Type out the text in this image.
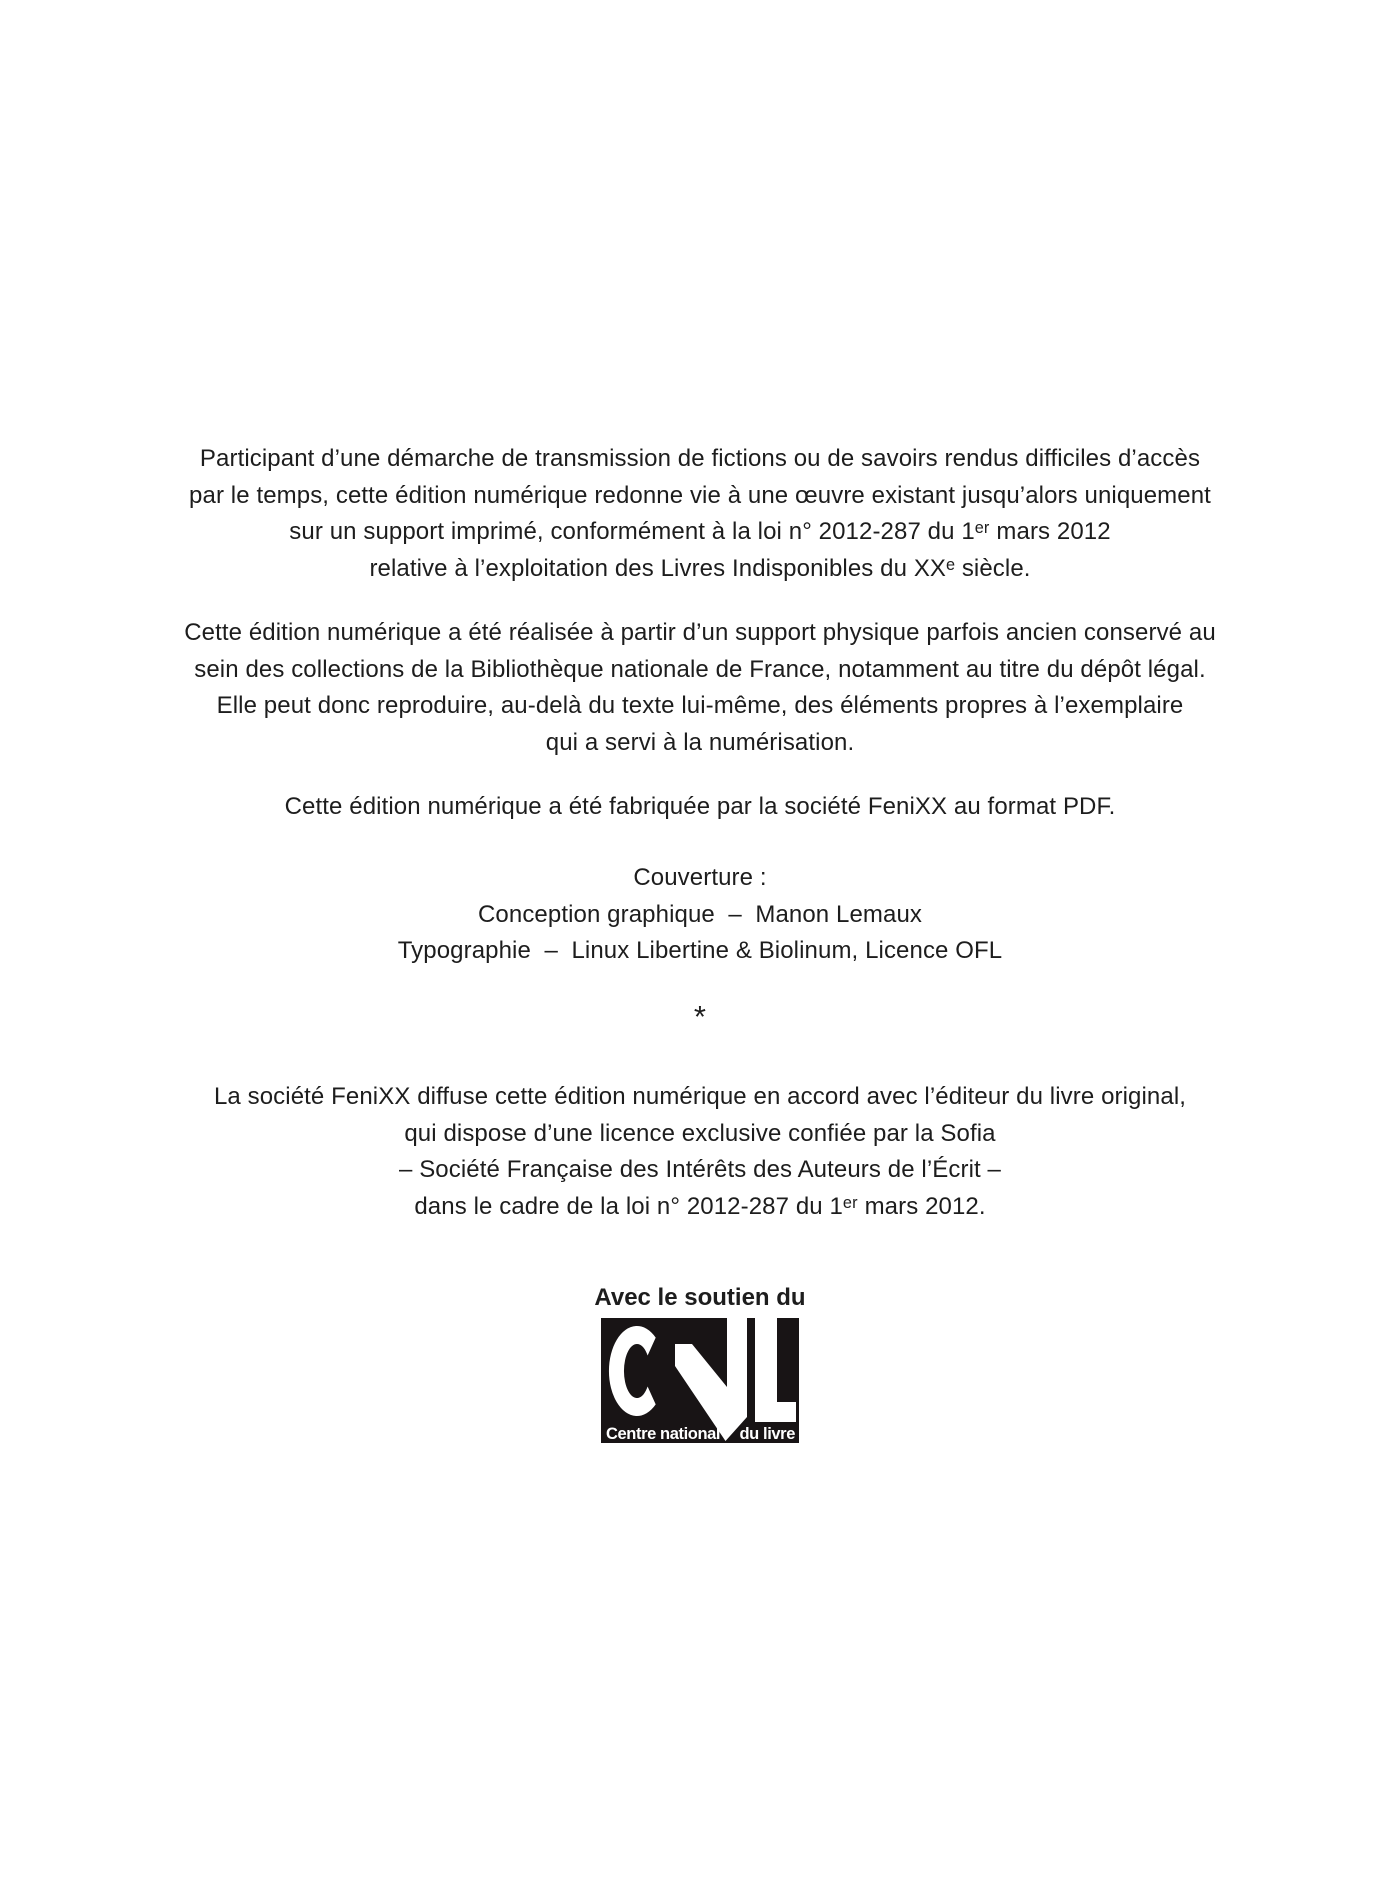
Participant d’une démarche de transmission de fictions ou de savoirs rendus difficiles d’accès
par le temps, cette édition numérique redonne vie à une œuvre existant jusqu’alors uniquement
sur un support imprimé, conformément à la loi n° 2012-287 du 1ᵉʳ mars 2012
relative à l’exploitation des Livres Indisponibles du XXᵉ siècle.
Cette édition numérique a été réalisée à partir d’un support physique parfois ancien conservé au
sein des collections de la Bibliothèque nationale de France, notamment au titre du dépôt légal.
Elle peut donc reproduire, au-delà du texte lui-même, des éléments propres à l’exemplaire
qui a servi à la numérisation.
Cette édition numérique a été fabriquée par la société FeniXX au format PDF.
Couverture :
Conception graphique  –  Manon Lemaux
Typographie  –  Linux Libertine & Biolinum, Licence OFL
*
La société FeniXX diffuse cette édition numérique en accord avec l’éditeur du livre original,
qui dispose d’une licence exclusive confiée par la Sofia
– Société Française des Intérêts des Auteurs de l’Écrit –
dans le cadre de la loi n° 2012-287 du 1ᵉʳ mars 2012.
Avec le soutien du
Centre national du livre
